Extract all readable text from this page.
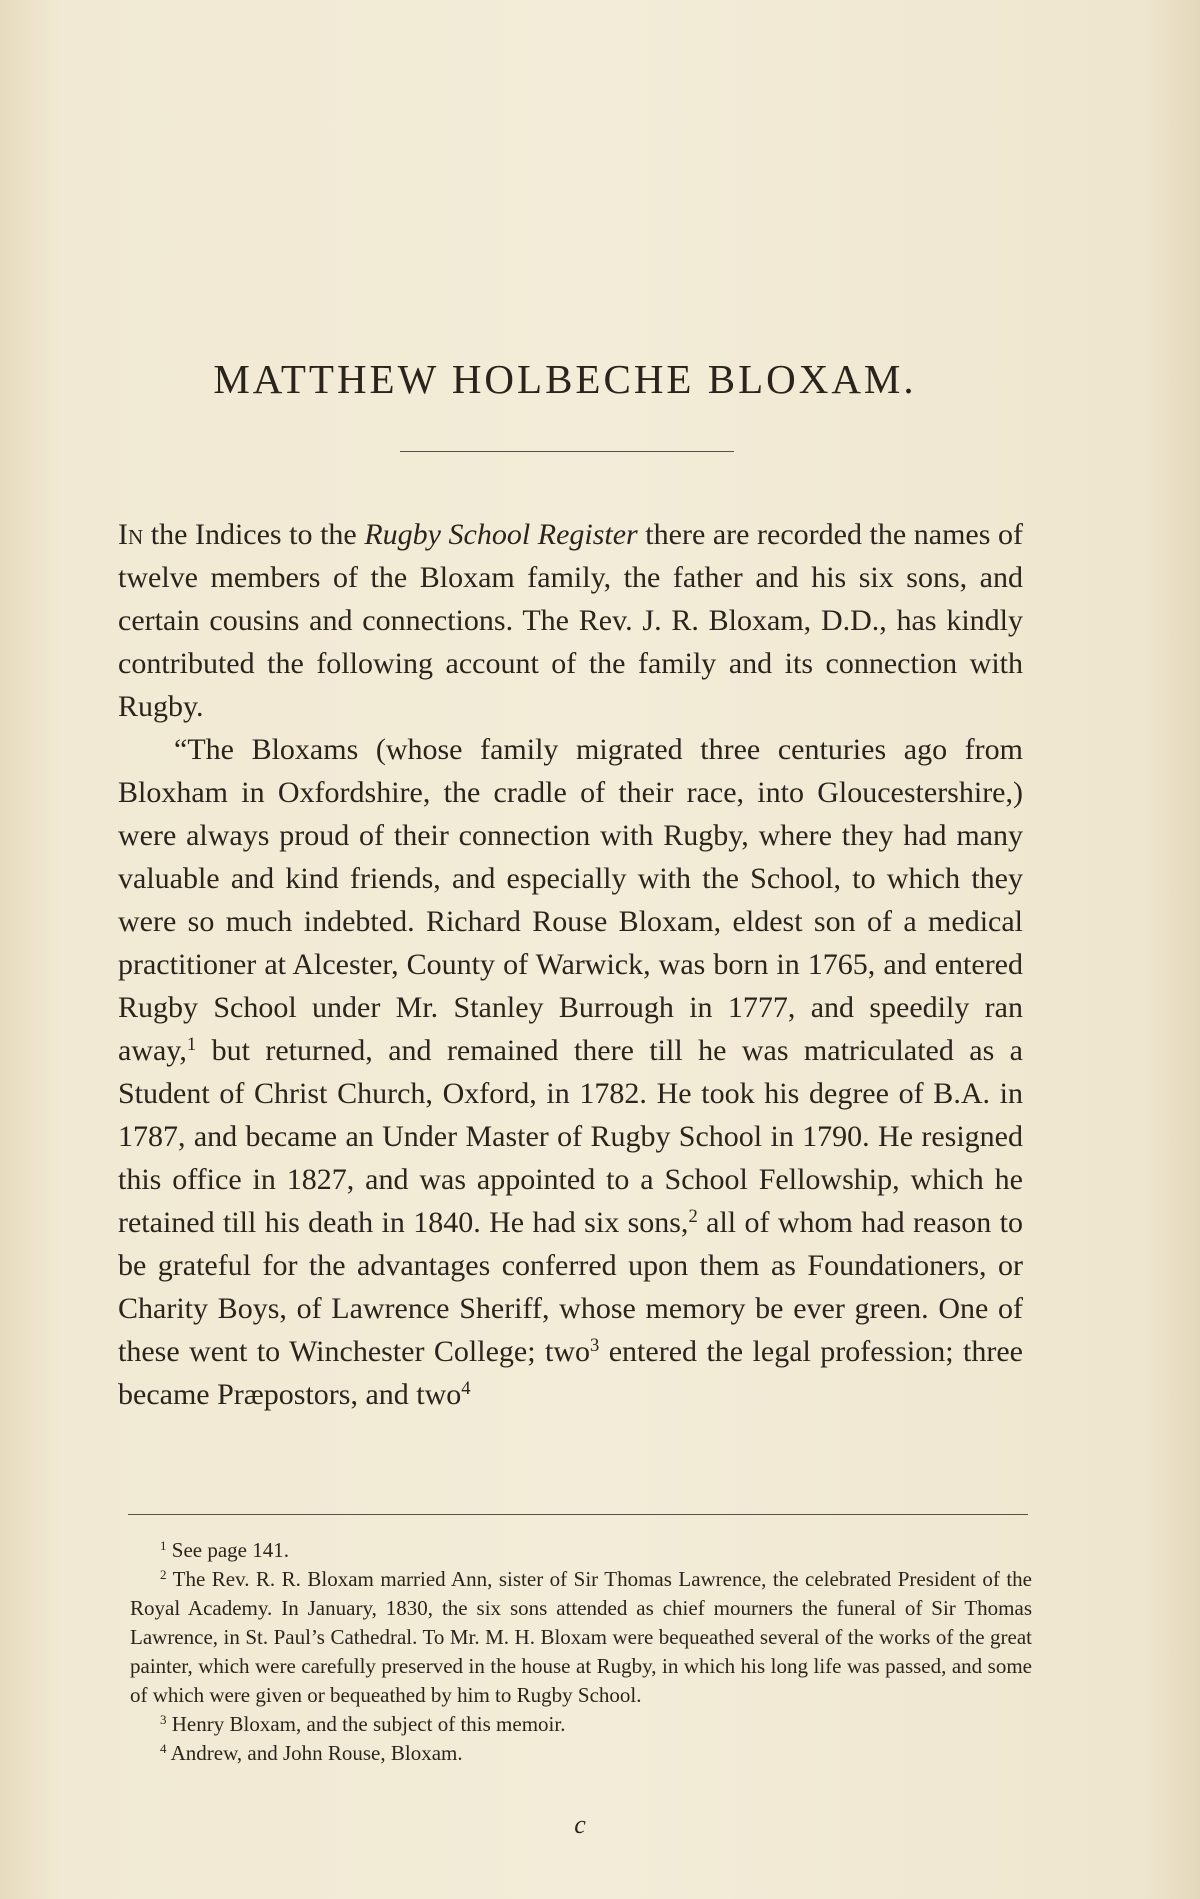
MATTHEW HOLBECHE BLOXAM.

In the Indices to the Rugby School Register there are recorded the names of twelve members of the Bloxam family, the father and his six sons, and certain cousins and connections. The Rev. J. R. Bloxam, D.D., has kindly contributed the following account of the family and its connection with Rugby.

“The Bloxams (whose family migrated three centuries ago from Bloxham in Oxfordshire, the cradle of their race, into Gloucestershire,) were always proud of their connection with Rugby, where they had many valuable and kind friends, and especially with the School, to which they were so much indebted. Richard Rouse Bloxam, eldest son of a medical practitioner at Alcester, County of Warwick, was born in 1765, and entered Rugby School under Mr. Stanley Burrough in 1777, and speedily ran away,$^1$ but returned, and remained there till he was matriculated as a Student of Christ Church, Oxford, in 1782. He took his degree of B.A. in 1787, and became an Under Master of Rugby School in 1790. He resigned this office in 1827, and was appointed to a School Fellowship, which he retained till his death in 1840. He had six sons,$^2$ all of whom had reason to be grateful for the advantages conferred upon them as Foundationers, or Charity Boys, of Lawrence Sheriff, whose memory be ever green. One of these went to Winchester College; two$^3$ entered the legal profession; three became Præpostors, and two$^4$

$^1$ See page 141.

$^2$ The Rev. R. R. Bloxam married Ann, sister of Sir Thomas Lawrence, the celebrated President of the Royal Academy. In January, 1830, the six sons attended as chief mourners the funeral of Sir Thomas Lawrence, in St. Paul’s Cathedral. To Mr. M. H. Bloxam were bequeathed several of the works of the great painter, which were carefully preserved in the house at Rugby, in which his long life was passed, and some of which were given or bequeathed by him to Rugby School.

$^3$ Henry Bloxam, and the subject of this memoir.

$^4$ Andrew, and John Rouse, Bloxam.

c
